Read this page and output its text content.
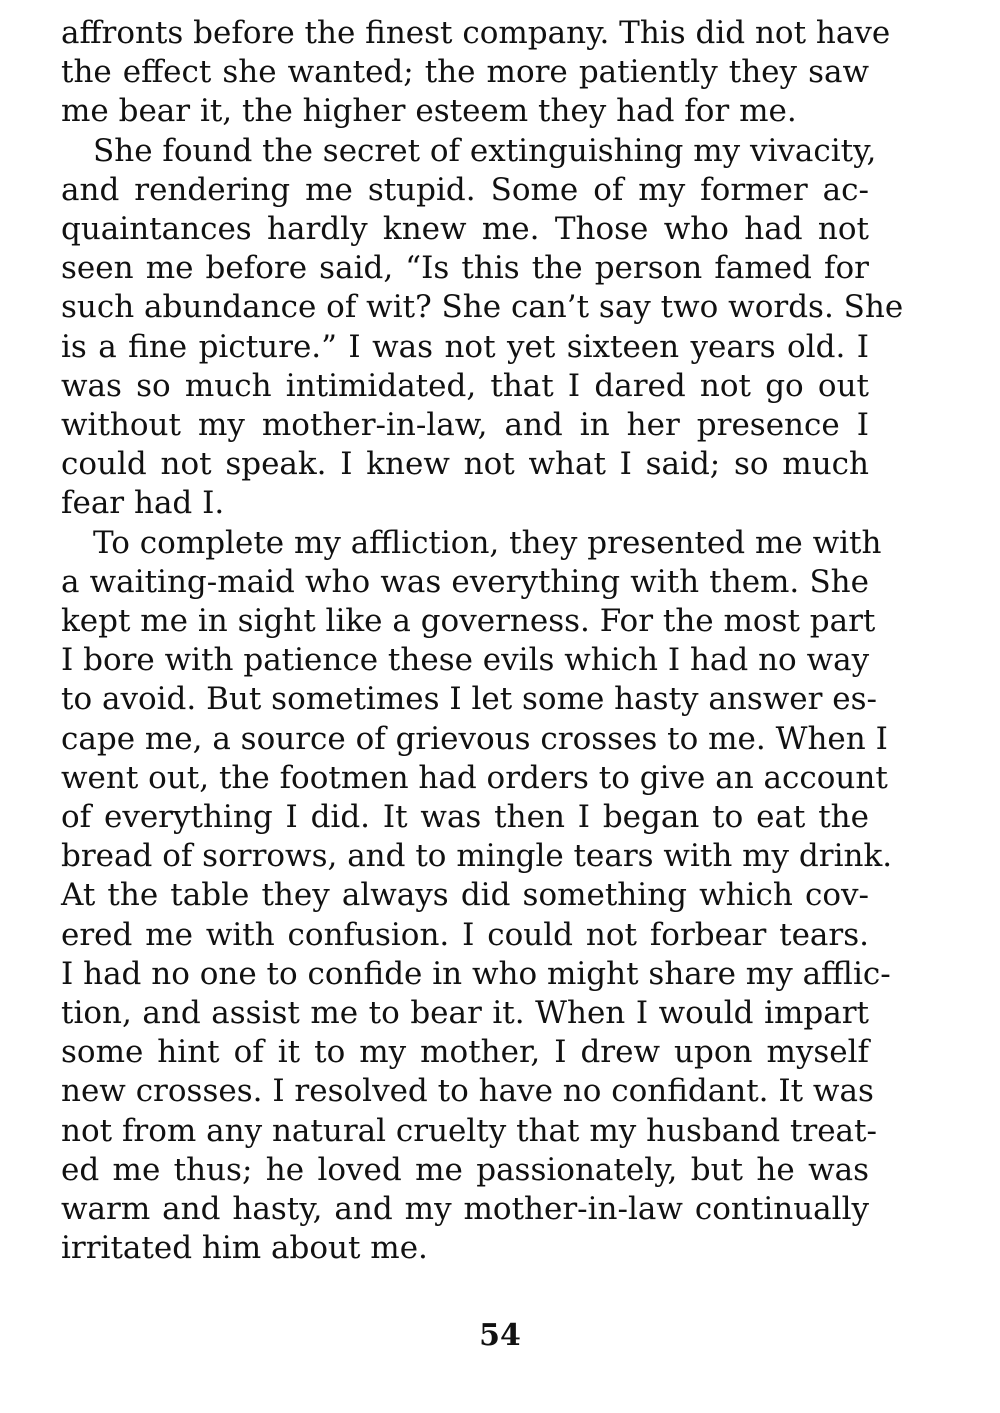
affronts before the finest company. This did not have
the effect she wanted; the more patiently they saw
me bear it, the higher esteem they had for me.
She found the secret of extinguishing my vivacity,
and rendering me stupid. Some of my former ac-
quaintances hardly knew me. Those who had not
seen me before said, “Is this the person famed for
such abundance of wit? She can’t say two words. She
is a fine picture.” I was not yet sixteen years old. I
was so much intimidated, that I dared not go out
without my mother-in-law, and in her presence I
could not speak. I knew not what I said; so much
fear had I.
To complete my affliction, they presented me with
a waiting-maid who was everything with them. She
kept me in sight like a governess. For the most part
I bore with patience these evils which I had no way
to avoid. But sometimes I let some hasty answer es-
cape me, a source of grievous crosses to me. When I
went out, the footmen had orders to give an account
of everything I did. It was then I began to eat the
bread of sorrows, and to mingle tears with my drink.
At the table they always did something which cov-
ered me with confusion. I could not forbear tears.
I had no one to confide in who might share my afflic-
tion, and assist me to bear it. When I would impart
some hint of it to my mother, I drew upon myself
new crosses. I resolved to have no confidant. It was
not from any natural cruelty that my husband treat-
ed me thus; he loved me passionately, but he was
warm and hasty, and my mother-in-law continually
irritated him about me.
54
